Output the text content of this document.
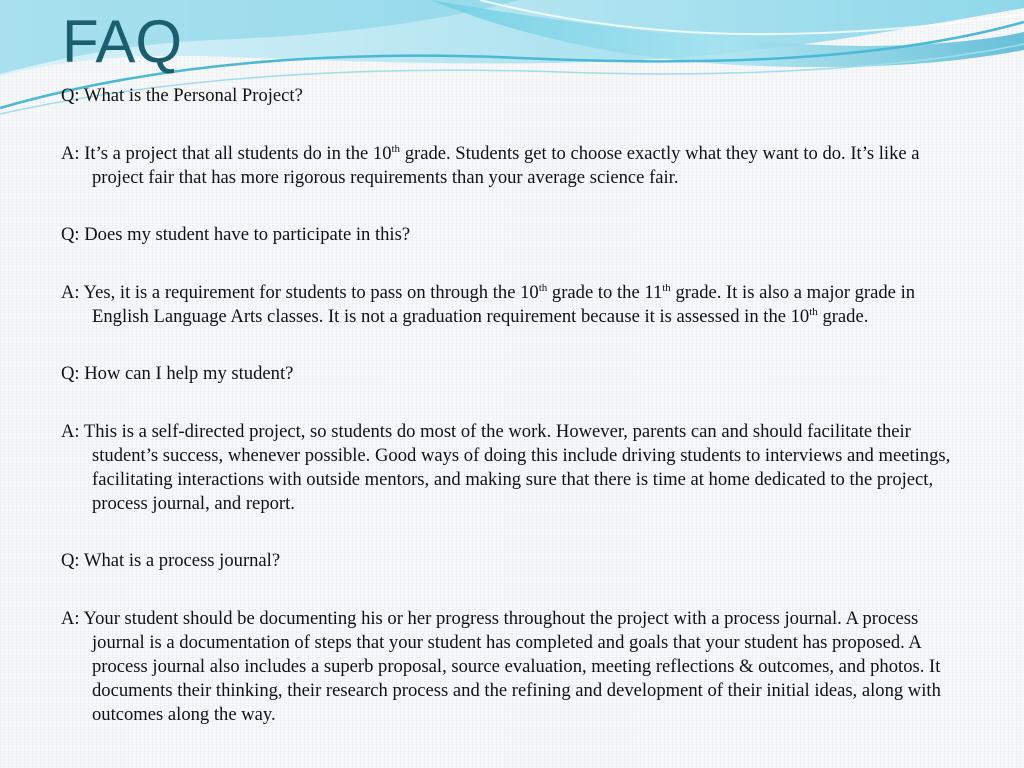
FAQ

Q: What is the Personal Project?

A: It’s a project that all students do in the 10th grade. Students get to choose exactly what they want to do. It’s like a project fair that has more rigorous requirements than your average science fair.

Q: Does my student have to participate in this?

A: Yes, it is a requirement for students to pass on through the 10th grade to the 11th grade. It is also a major grade in English Language Arts classes. It is not a graduation requirement because it is assessed in the 10th grade.

Q: How can I help my student?

A: This is a self-directed project, so students do most of the work. However, parents can and should facilitate their student’s success, whenever possible. Good ways of doing this include driving students to interviews and meetings, facilitating interactions with outside mentors, and making sure that there is time at home dedicated to the project, process journal, and report.

Q: What is a process journal?

A: Your student should be documenting his or her progress throughout the project with a process journal. A process journal is a documentation of steps that your student has completed and goals that your student has proposed. A process journal also includes a superb proposal, source evaluation, meeting reflections & outcomes, and photos. It documents their thinking, their research process and the refining and development of their initial ideas, along with outcomes along the way.
